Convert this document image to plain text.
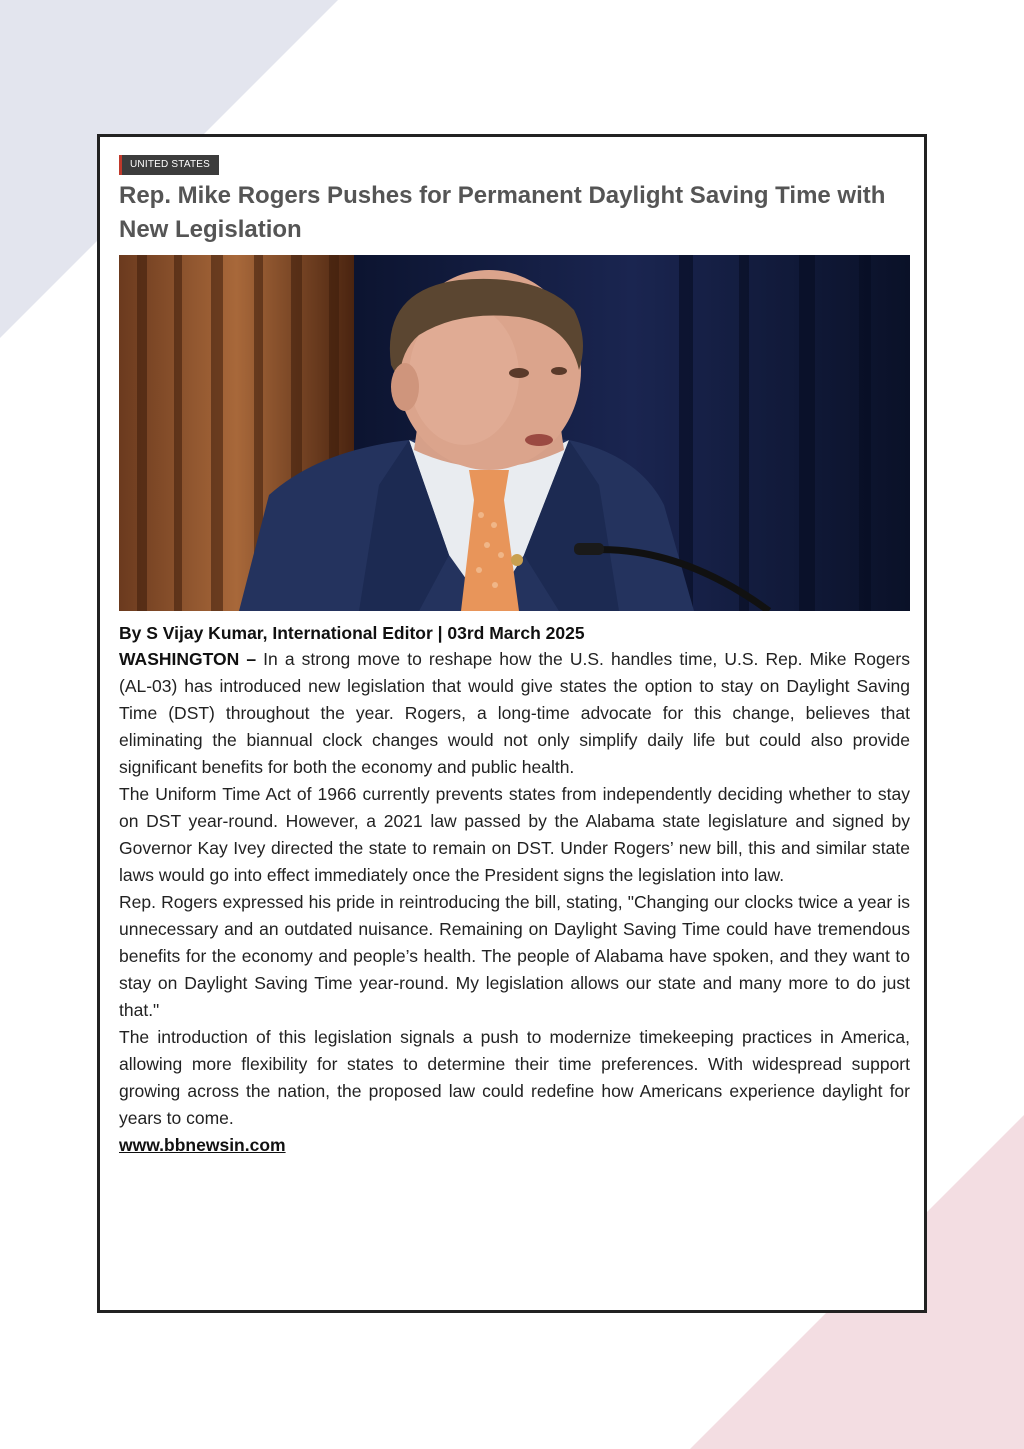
UNITED STATES
Rep. Mike Rogers Pushes for Permanent Daylight Saving Time with New Legislation
By S Vijay Kumar, International Editor | 03rd March 2025

WASHINGTON – In a strong move to reshape how the U.S. handles time, U.S. Rep. Mike Rogers (AL-03) has introduced new legislation that would give states the option to stay on Daylight Saving Time (DST) throughout the year. Rogers, a long-time advocate for this change, believes that eliminating the biannual clock changes would not only simplify daily life but could also provide significant benefits for both the economy and public health.

The Uniform Time Act of 1966 currently prevents states from independently deciding whether to stay on DST year-round. However, a 2021 law passed by the Alabama state legislature and signed by Governor Kay Ivey directed the state to remain on DST. Under Rogers’ new bill, this and similar state laws would go into effect immediately once the President signs the legislation into law.

Rep. Rogers expressed his pride in reintroducing the bill, stating, "Changing our clocks twice a year is unnecessary and an outdated nuisance. Remaining on Daylight Saving Time could have tremendous benefits for the economy and people’s health. The people of Alabama have spoken, and they want to stay on Daylight Saving Time year-round. My legislation allows our state and many more to do just that."

The introduction of this legislation signals a push to modernize timekeeping practices in America, allowing more flexibility for states to determine their time preferences. With widespread support growing across the nation, the proposed law could redefine how Americans experience daylight for years to come.

www.bbnewsin.com
